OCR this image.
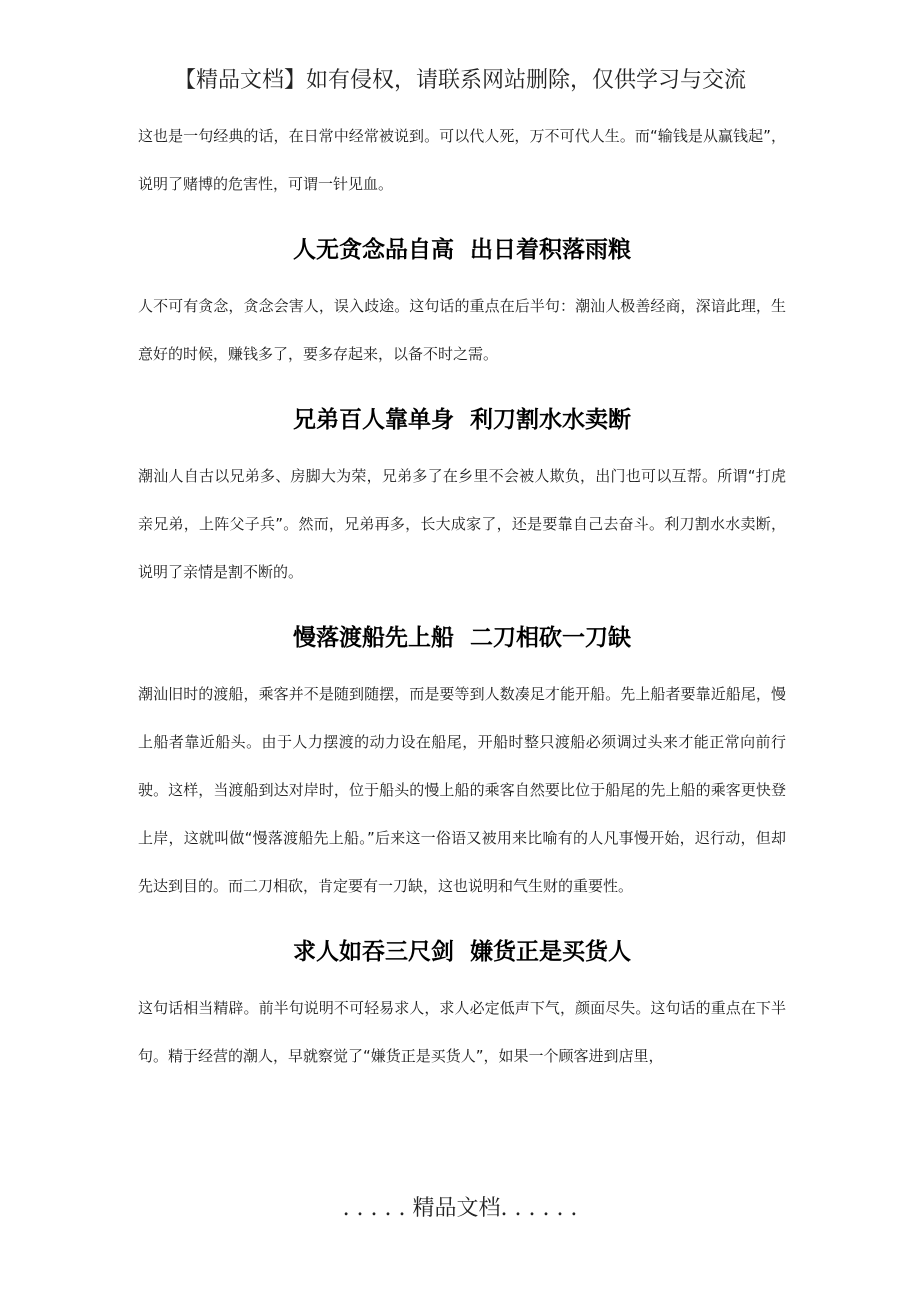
【精品文档】如有侵权，请联系网站删除，仅供学习与交流

这也是一句经典的话，在日常中经常被说到。可以代人死，万不可代人生。而“输钱是从赢钱起”，说明了赌博的危害性，可谓一针见血。

人无贪念品自高  出日着积落雨粮

人不可有贪念，贪念会害人，误入歧途。这句话的重点在后半句：潮汕人极善经商，深谙此理，生意好的时候，赚钱多了，要多存起来，以备不时之需。

兄弟百人靠单身  利刀割水水卖断

潮汕人自古以兄弟多、房脚大为荣，兄弟多了在乡里不会被人欺负，出门也可以互帮。所谓“打虎亲兄弟，上阵父子兵”。然而，兄弟再多，长大成家了，还是要靠自己去奋斗。利刀割水水卖断，说明了亲情是割不断的。

慢落渡船先上船  二刀相砍一刀缺

潮汕旧时的渡船，乘客并不是随到随摆，而是要等到人数凑足才能开船。先上船者要靠近船尾，慢上船者靠近船头。由于人力摆渡的动力设在船尾，开船时整只渡船必须调过头来才能正常向前行驶。这样，当渡船到达对岸时，位于船头的慢上船的乘客自然要比位于船尾的先上船的乘客更快登上岸，这就叫做“慢落渡船先上船。”后来这一俗语又被用来比喻有的人凡事慢开始，迟行动，但却先达到目的。而二刀相砍，肯定要有一刀缺，这也说明和气生财的重要性。

求人如吞三尺剑  嫌货正是买货人

这句话相当精辟。前半句说明不可轻易求人，求人必定低声下气，颜面尽失。这句话的重点在下半句。精于经营的潮人，早就察觉了“嫌货正是买货人”，如果一个顾客进到店里，

. . . . . 精品文档. . . . . .
